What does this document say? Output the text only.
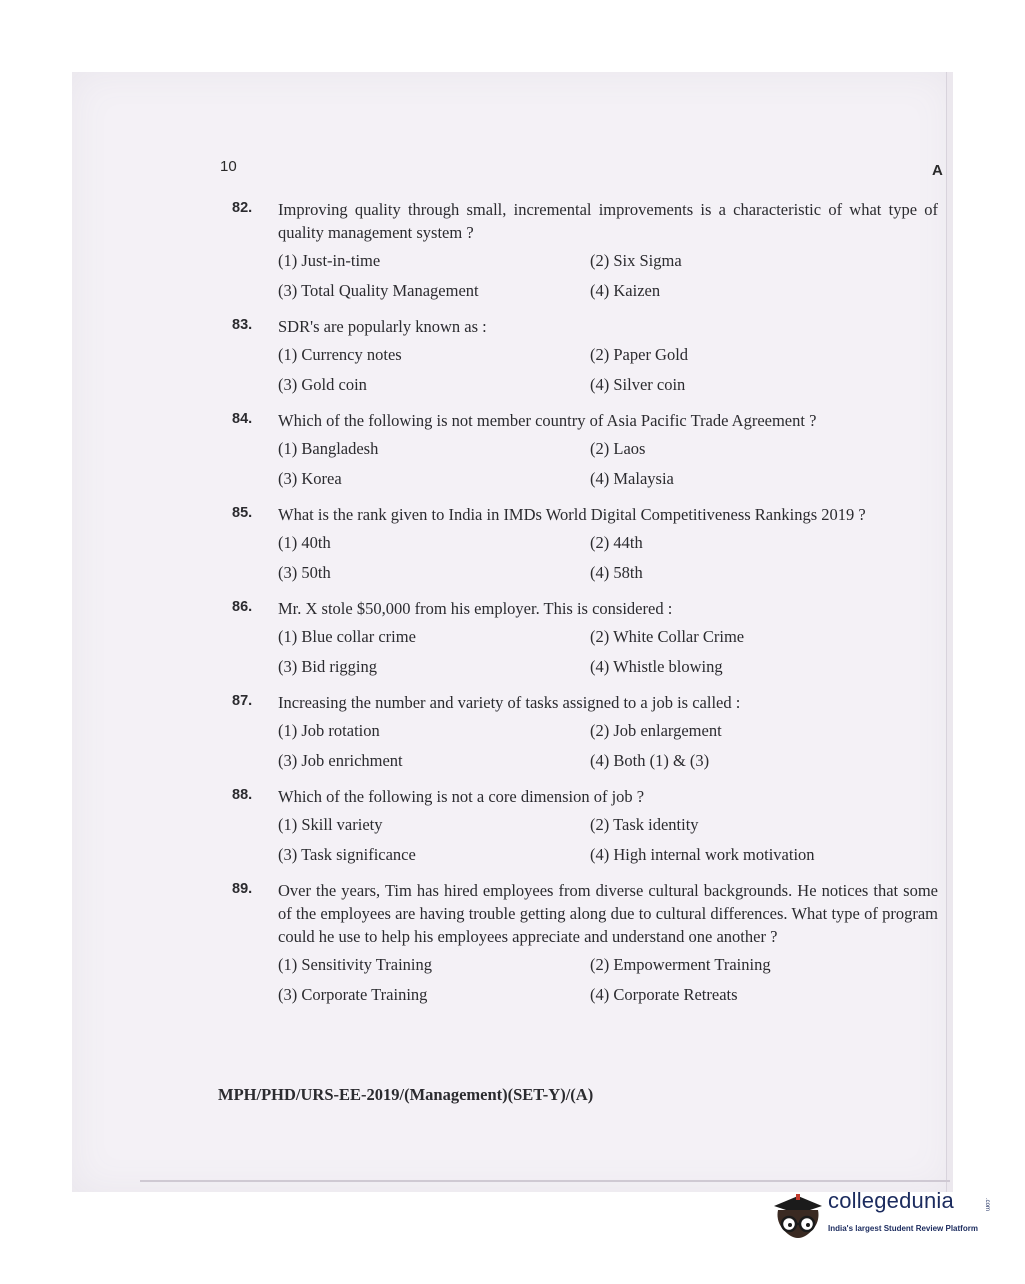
10	A
82.	Improving quality through small, incremental improvements is a characteristic of what type of quality management system ?
(1) Just-in-time	(2) Six Sigma
(3) Total Quality Management	(4) Kaizen
83.	SDR's are popularly known as :
(1) Currency notes	(2) Paper Gold
(3) Gold coin	(4) Silver coin
84.	Which of the following is not member country of Asia Pacific Trade Agreement ?
(1) Bangladesh	(2) Laos
(3) Korea	(4) Malaysia
85.	What is the rank given to India in IMDs World Digital Competitiveness Rankings 2019 ?
(1) 40th	(2) 44th
(3) 50th	(4) 58th
86.	Mr. X stole $50,000 from his employer. This is considered :
(1) Blue collar crime	(2) White Collar Crime
(3) Bid rigging	(4) Whistle blowing
87.	Increasing the number and variety of tasks assigned to a job is called :
(1) Job rotation	(2) Job enlargement
(3) Job enrichment	(4) Both (1) & (3)
88.	Which of the following is not a core dimension of job ?
(1) Skill variety	(2) Task identity
(3) Task significance	(4) High internal work motivation
89.	Over the years, Tim has hired employees from diverse cultural backgrounds. He notices that some of the employees are having trouble getting along due to cultural differences. What type of program could he use to help his employees appreciate and understand one another ?
(1) Sensitivity Training	(2) Empowerment Training
(3) Corporate Training	(4) Corporate Retreats
MPH/PHD/URS-EE-2019/(Management)(SET-Y)/(A)
collegedunia	.com
India's largest Student Review Platform
